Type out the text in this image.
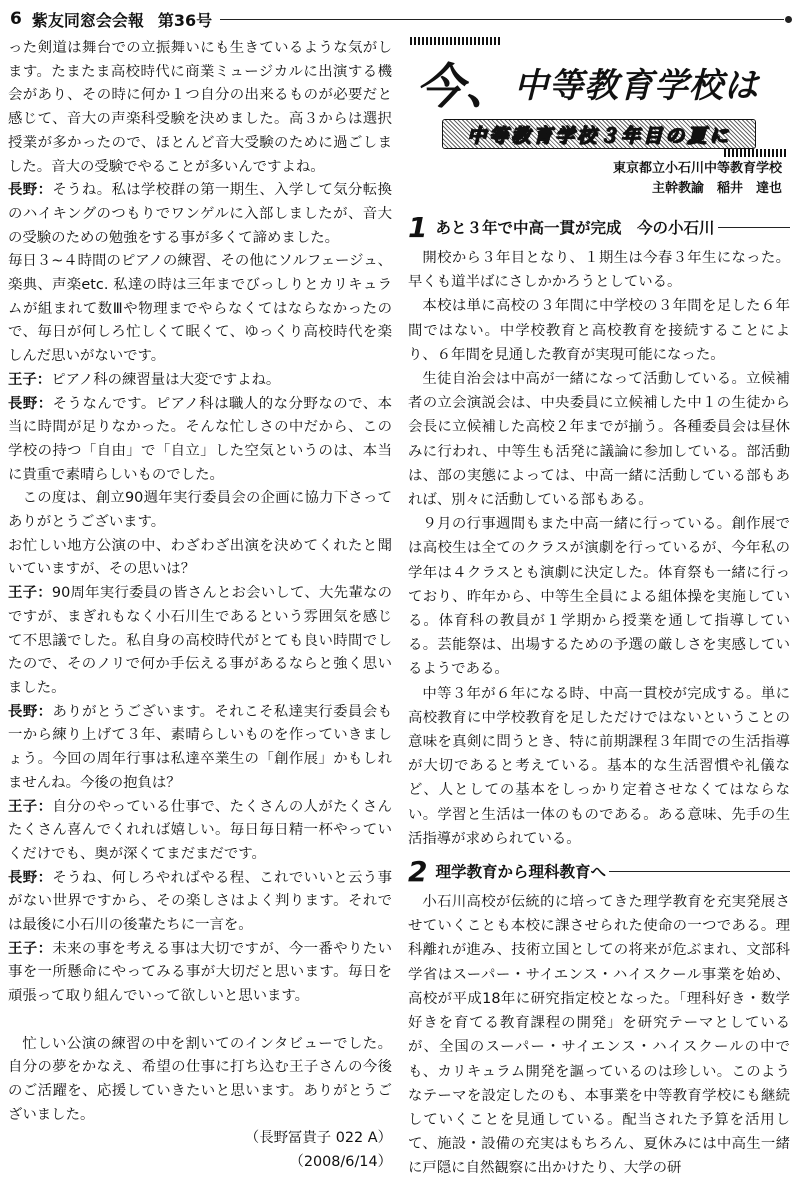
6 紫友同窓会会報 第36号

った剣道は舞台での立振舞いにも生きているような気がします。たまたま高校時代に商業ミュージカルに出演する機会があり、その時に何か１つ自分の出来るものが必要だと感じて、音大の声楽科受験を決めました。高３からは選択授業が多かったので、ほとんど音大受験のために過ごしました。音大の受験でやることが多いんですよね。

長野：そうね。私は学校群の第一期生、入学して気分転換のハイキングのつもりでワンゲルに入部しましたが、音大の受験のための勉強をする事が多くて諦めました。

毎日３~４時間のピアノの練習、その他にソルフェージュ、楽典、声楽etc. 私達の時は三年までびっしりとカリキュラムが組まれて数Ⅲや物理までやらなくてはならなかったので、毎日が何しろ忙しくて眠くて、ゆっくり高校時代を楽しんだ思いがないです。

王子：ピアノ科の練習量は大変ですよね。

長野：そうなんです。ピアノ科は職人的な分野なので、本当に時間が足りなかった。そんな忙しさの中だから、この学校の持つ「自由」で「自立」した空気というのは、本当に貴重で素晴らしいものでした。

　この度は、創立90週年実行委員会の企画に協力下さってありがとうございます。

お忙しい地方公演の中、わざわざ出演を決めてくれたと聞いていますが、その思いは？

王子：90周年実行委員の皆さんとお会いして、大先輩なのですが、まぎれもなく小石川生であるという雰囲気を感じて不思議でした。私自身の高校時代がとても良い時間でしたので、そのノリで何か手伝える事があるならと強く思いました。

長野：ありがとうございます。それこそ私達実行委員会も一から練り上げて３年、素晴らしいものを作っていきましょう。今回の周年行事は私達卒業生の「創作展」かもしれませんね。今後の抱負は？

王子：自分のやっている仕事で、たくさんの人がたくさんたくさん喜んでくれれば嬉しい。毎日毎日精一杯やっていくだけでも、奥が深くてまだまだです。

長野：そうね、何しろやればやる程、これでいいと云う事がない世界ですから、その楽しさはよく判ります。それでは最後に小石川の後輩たちに一言を。

王子：未来の事を考える事は大切ですが、今一番やりたい事を一所懸命にやってみる事が大切だと思います。毎日を頑張って取り組んでいって欲しいと思います。

忙しい公演の練習の中を割いてのインタビューでした。自分の夢をかなえ、希望の仕事に打ち込む王子さんの今後のご活躍を、応援していきたいと思います。ありがとうございました。

（長野冨貴子 022 A）

（2008/6/14）

今、 中等教育学校は
中等教育学校３年目の夏に
東京都立小石川中等教育学校
主幹教諭　稲井　達也
1 あと３年で中高一貫が完成　今の小石川

開校から３年目となり、１期生は今春３年生になった。早くも道半ばにさしかかろうとしている。

本校は単に高校の３年間に中学校の３年間を足した６年間ではない。中学校教育と高校教育を接続することにより、６年間を見通した教育が実現可能になった。

生徒自治会は中高が一緒になって活動している。立候補者の立会演説会は、中央委員に立候補した中１の生徒から会長に立候補した高校２年までが揃う。各種委員会は昼休みに行われ、中等生も活発に議論に参加している。部活動は、部の実態によっては、中高一緒に活動している部もあれば、別々に活動している部もある。

９月の行事週間もまた中高一緒に行っている。創作展では高校生は全てのクラスが演劇を行っているが、今年私の学年は４クラスとも演劇に決定した。体育祭も一緒に行っており、昨年から、中等生全員による組体操を実施している。体育科の教員が１学期から授業を通して指導している。芸能祭は、出場するための予選の厳しさを実感しているようである。

中等３年が６年になる時、中高一貫校が完成する。単に高校教育に中学校教育を足しただけではないということの意味を真剣に問うとき、特に前期課程３年間での生活指導が大切であると考えている。基本的な生活習慣や礼儀など、人としての基本をしっかり定着させなくてはならない。学習と生活は一体のものである。ある意味、先手の生活指導が求められている。

2 理学教育から理科教育へ

小石川高校が伝統的に培ってきた理学教育を充実発展させていくことも本校に課させられた使命の一つである。理科離れが進み、技術立国としての将来が危ぶまれ、文部科学省はスーパー・サイエンス・ハイスクール事業を始め、高校が平成18年に研究指定校となった。「理科好き・数学好きを育てる教育課程の開発」を研究テーマとしているが、全国のスーパー・サイエンス・ハイスクールの中でも、カリキュラム開発を謳っているのは珍しい。このようなテーマを設定したのも、本事業を中等教育学校にも継続していくことを見通している。配当された予算を活用して、施設・設備の充実はもちろん、夏休みには中高生一緒に戸隠に自然観察に出かけたり、大学の研
